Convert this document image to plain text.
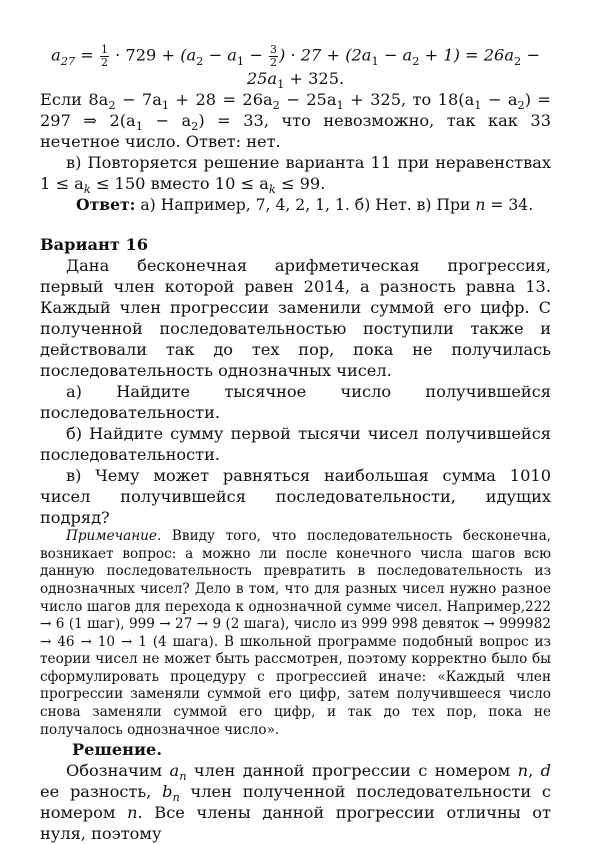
$a_{27} = \frac{1}{2} \cdot 729 + (a_2 - a_1 - \frac{3}{2}$ ) · $27 + (2a_1 - a_2 + 1) = 26a_2 - 25a_1 + 325$.

Если $8a_2 - 7a_1 + 28 = 26a_2 - 25a_1 + 325$, то $18(a_1 - a_2) = 297$ ⇒ $2(a_1 - a_2) = 33$, что невозможно, так как 33 нечетное число. Ответ: нет.

в) Повторяется решение варианта 11 при неравенствах $1 \le a_k \le 150$ вместо $10 \le a_k \le 99$.

Ответ: а) Например, 7, 4, 2, 1, 1. б) Нет. в) При n = 34.

Вариант 16

Дана бесконечная арифметическая прогрессия, первый член которой равен 2014, а разность равна 13. Каждый член прогрессии заменили суммой его цифр. С полученной последовательностью поступили также и действовали так до тех пор, пока не получилась последовательность однозначных чисел.

а) Найдите тысячное число получившейся последовательности.

б) Найдите сумму первой тысячи чисел получившейся последовательности.

в) Чему может равняться наибольшая сумма 1010 чисел получившейся последовательности, идущих подряд?

Примечание. Ввиду того, что последовательность бесконечна, возникает вопрос: а можно ли после конечного числа шагов всю данную последовательность превратить в последовательность из однозначных чисел? Дело в том, что для разных чисел нужно разное число шагов для перехода к однозначной сумме чисел. Например,222 → 6 (1 шаг), 999 → 27 → 9 (2 шага), число из 999 998 девяток → 999982 → 46 → 10 → 1 (4 шага). В школьной программе подобный вопрос из теории чисел не может быть рассмотрен, поэтому корректно было бы сформулировать процедуру с прогрессией иначе: «Каждый член прогрессии заменяли суммой его цифр, затем получившееся число снова заменяли суммой его цифр, и так до тех пор, пока не получалось однозначное число».

Решение.

Обозначим $a_n$ член данной прогрессии с номером n, d ее разность, $b_n$ член полученной последовательности с номером n. Все члены данной прогрессии отличны от нуля, поэтому
